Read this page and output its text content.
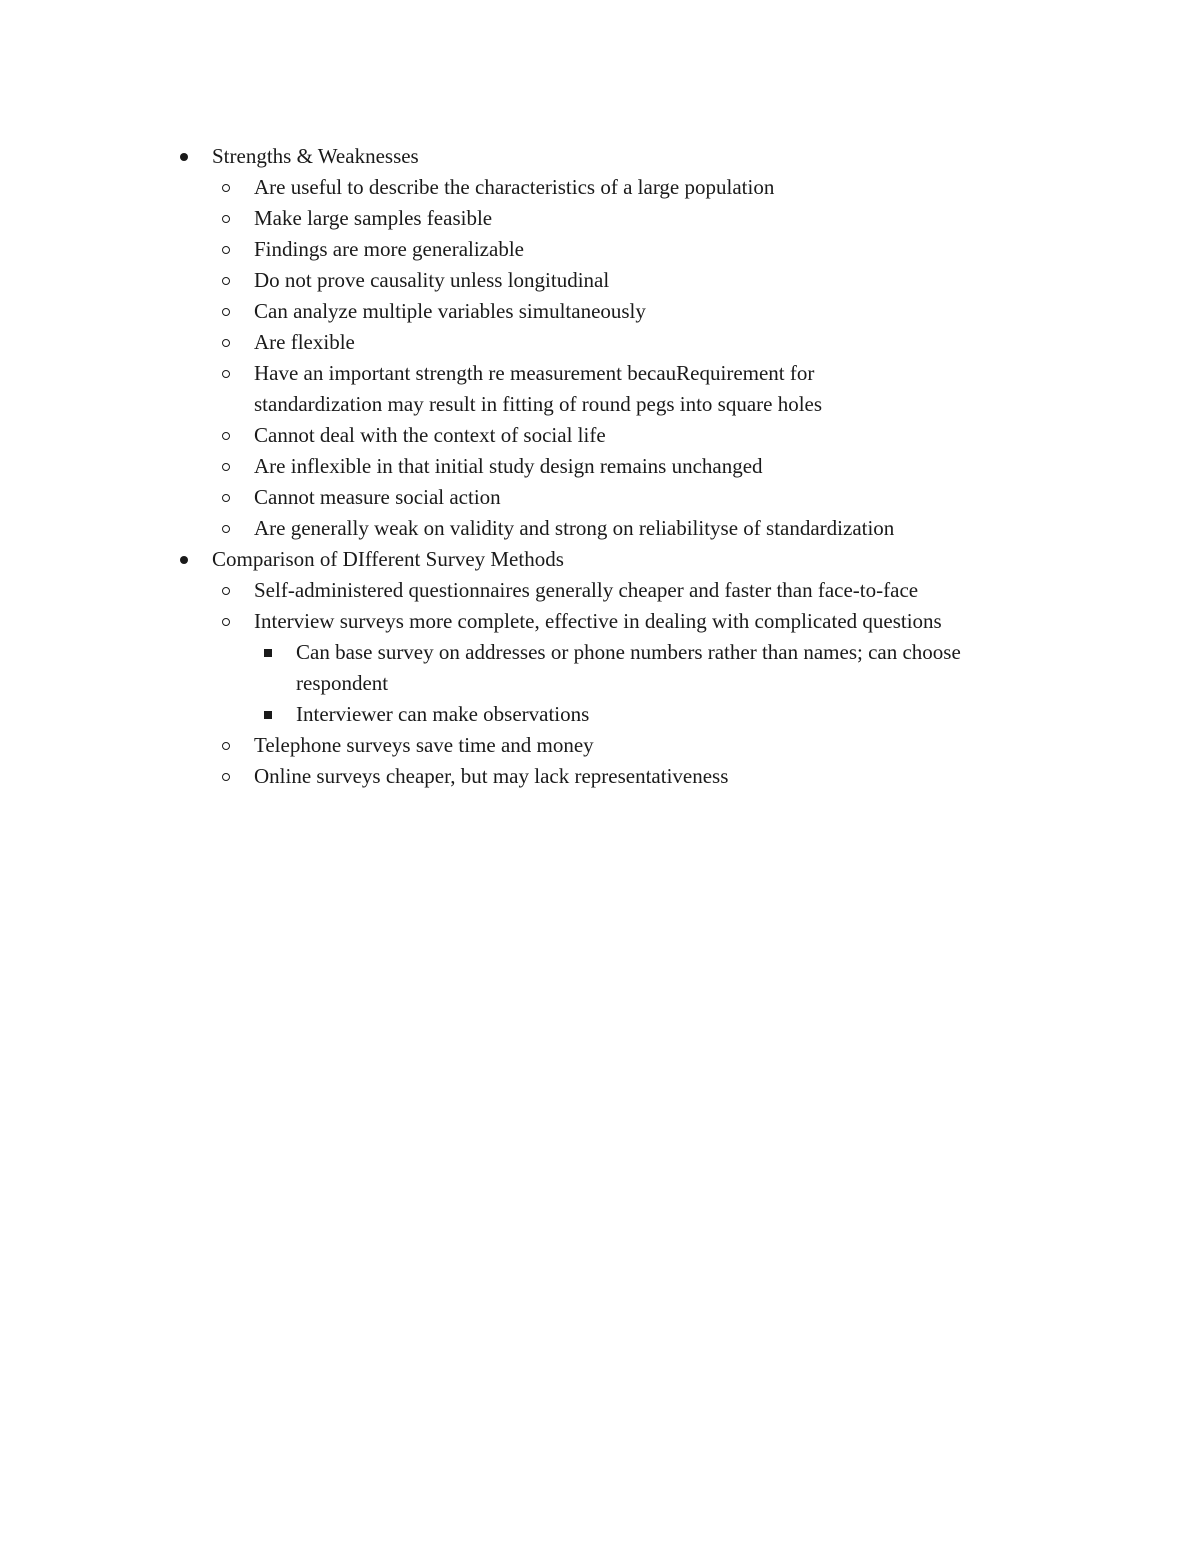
Strengths & Weaknesses
Are useful to describe the characteristics of a large population
Make large samples feasible
Findings are more generalizable
Do not prove causality unless longitudinal
Can analyze multiple variables simultaneously
Are flexible
Have an important strength re measurement becauRequirement for standardization may result in fitting of round pegs into square holes
Cannot deal with the context of social life
Are inflexible in that initial study design remains unchanged
Cannot measure social action
Are generally weak on validity and strong on reliabilityse of standardization
Comparison of DIfferent Survey Methods
Self-administered questionnaires generally cheaper and faster than face-to-face
Interview surveys more complete, effective in dealing with complicated questions
Can base survey on addresses or phone numbers rather than names; can choose respondent
Interviewer can make observations
Telephone surveys save time and money
Online surveys cheaper, but may lack representativeness
